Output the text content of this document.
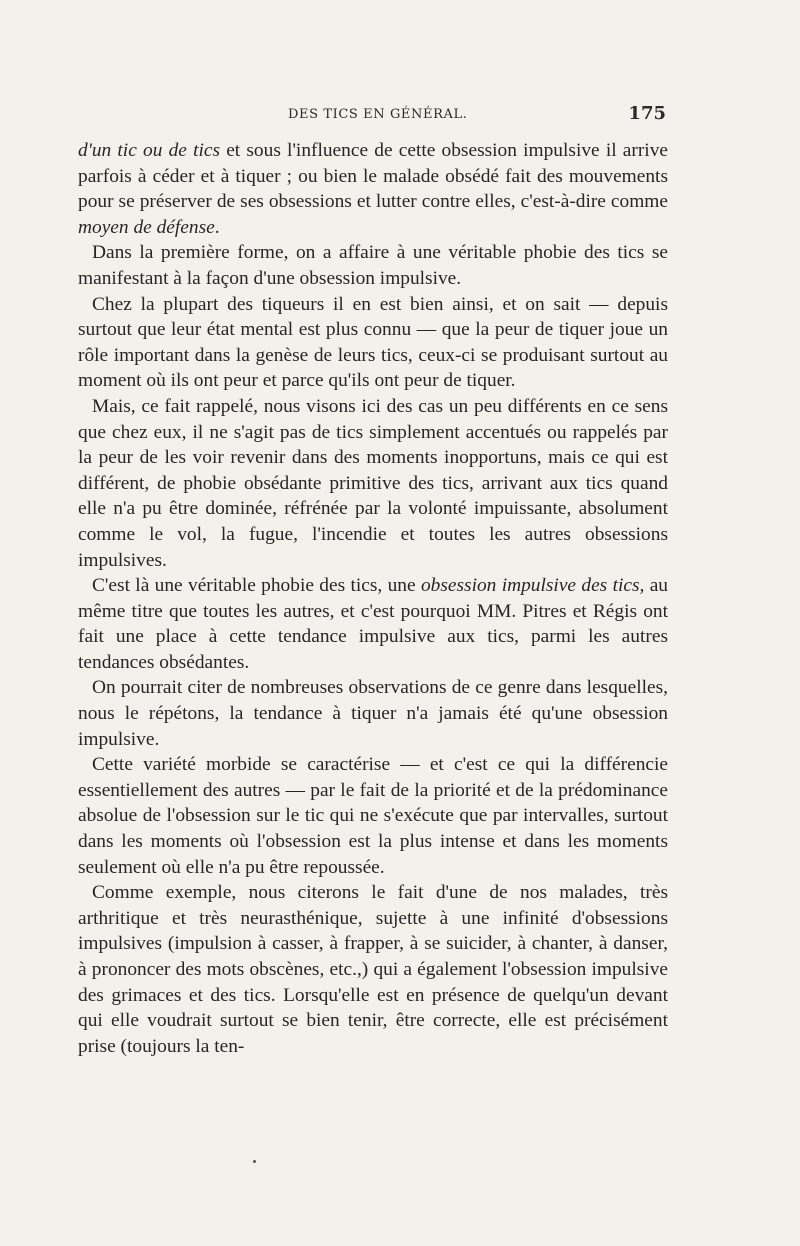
DES TICS EN GÉNÉRAL.	175

d'un tic ou de tics et sous l'influence de cette obsession impulsive il arrive parfois à céder et à tiquer ; ou bien le malade obsédé fait des mouvements pour se préserver de ses obsessions et lutter contre elles, c'est-à-dire comme moyen de défense.

Dans la première forme, on a affaire à une véritable phobie des tics se manifestant à la façon d'une obsession impulsive.

Chez la plupart des tiqueurs il en est bien ainsi, et on sait — depuis surtout que leur état mental est plus connu — que la peur de tiquer joue un rôle important dans la genèse de leurs tics, ceux-ci se produisant surtout au moment où ils ont peur et parce qu'ils ont peur de tiquer.

Mais, ce fait rappelé, nous visons ici des cas un peu différents en ce sens que chez eux, il ne s'agit pas de tics simplement accentués ou rappelés par la peur de les voir revenir dans des moments inopportuns, mais ce qui est différent, de phobie obsédante primitive des tics, arrivant aux tics quand elle n'a pu être dominée, réfrénée par la volonté impuissante, absolument comme le vol, la fugue, l'incendie et toutes les autres obsessions impulsives.

C'est là une véritable phobie des tics, une obsession impulsive des tics, au même titre que toutes les autres, et c'est pourquoi MM. Pitres et Régis ont fait une place à cette tendance impulsive aux tics, parmi les autres tendances obsédantes.

On pourrait citer de nombreuses observations de ce genre dans lesquelles, nous le répétons, la tendance à tiquer n'a jamais été qu'une obsession impulsive.

Cette variété morbide se caractérise — et c'est ce qui la différencie essentiellement des autres — par le fait de la priorité et de la prédominance absolue de l'obsession sur le tic qui ne s'exécute que par intervalles, surtout dans les moments où l'obsession est la plus intense et dans les moments seulement où elle n'a pu être repoussée.

Comme exemple, nous citerons le fait d'une de nos malades, très arthritique et très neurasthénique, sujette à une infinité d'obsessions impulsives (impulsion à casser, à frapper, à se suicider, à chanter, à danser, à prononcer des mots obscènes, etc.,) qui a également l'obsession impulsive des grimaces et des tics. Lorsqu'elle est en présence de quelqu'un devant qui elle voudrait surtout se bien tenir, être correcte, elle est précisément prise (toujours la ten-
